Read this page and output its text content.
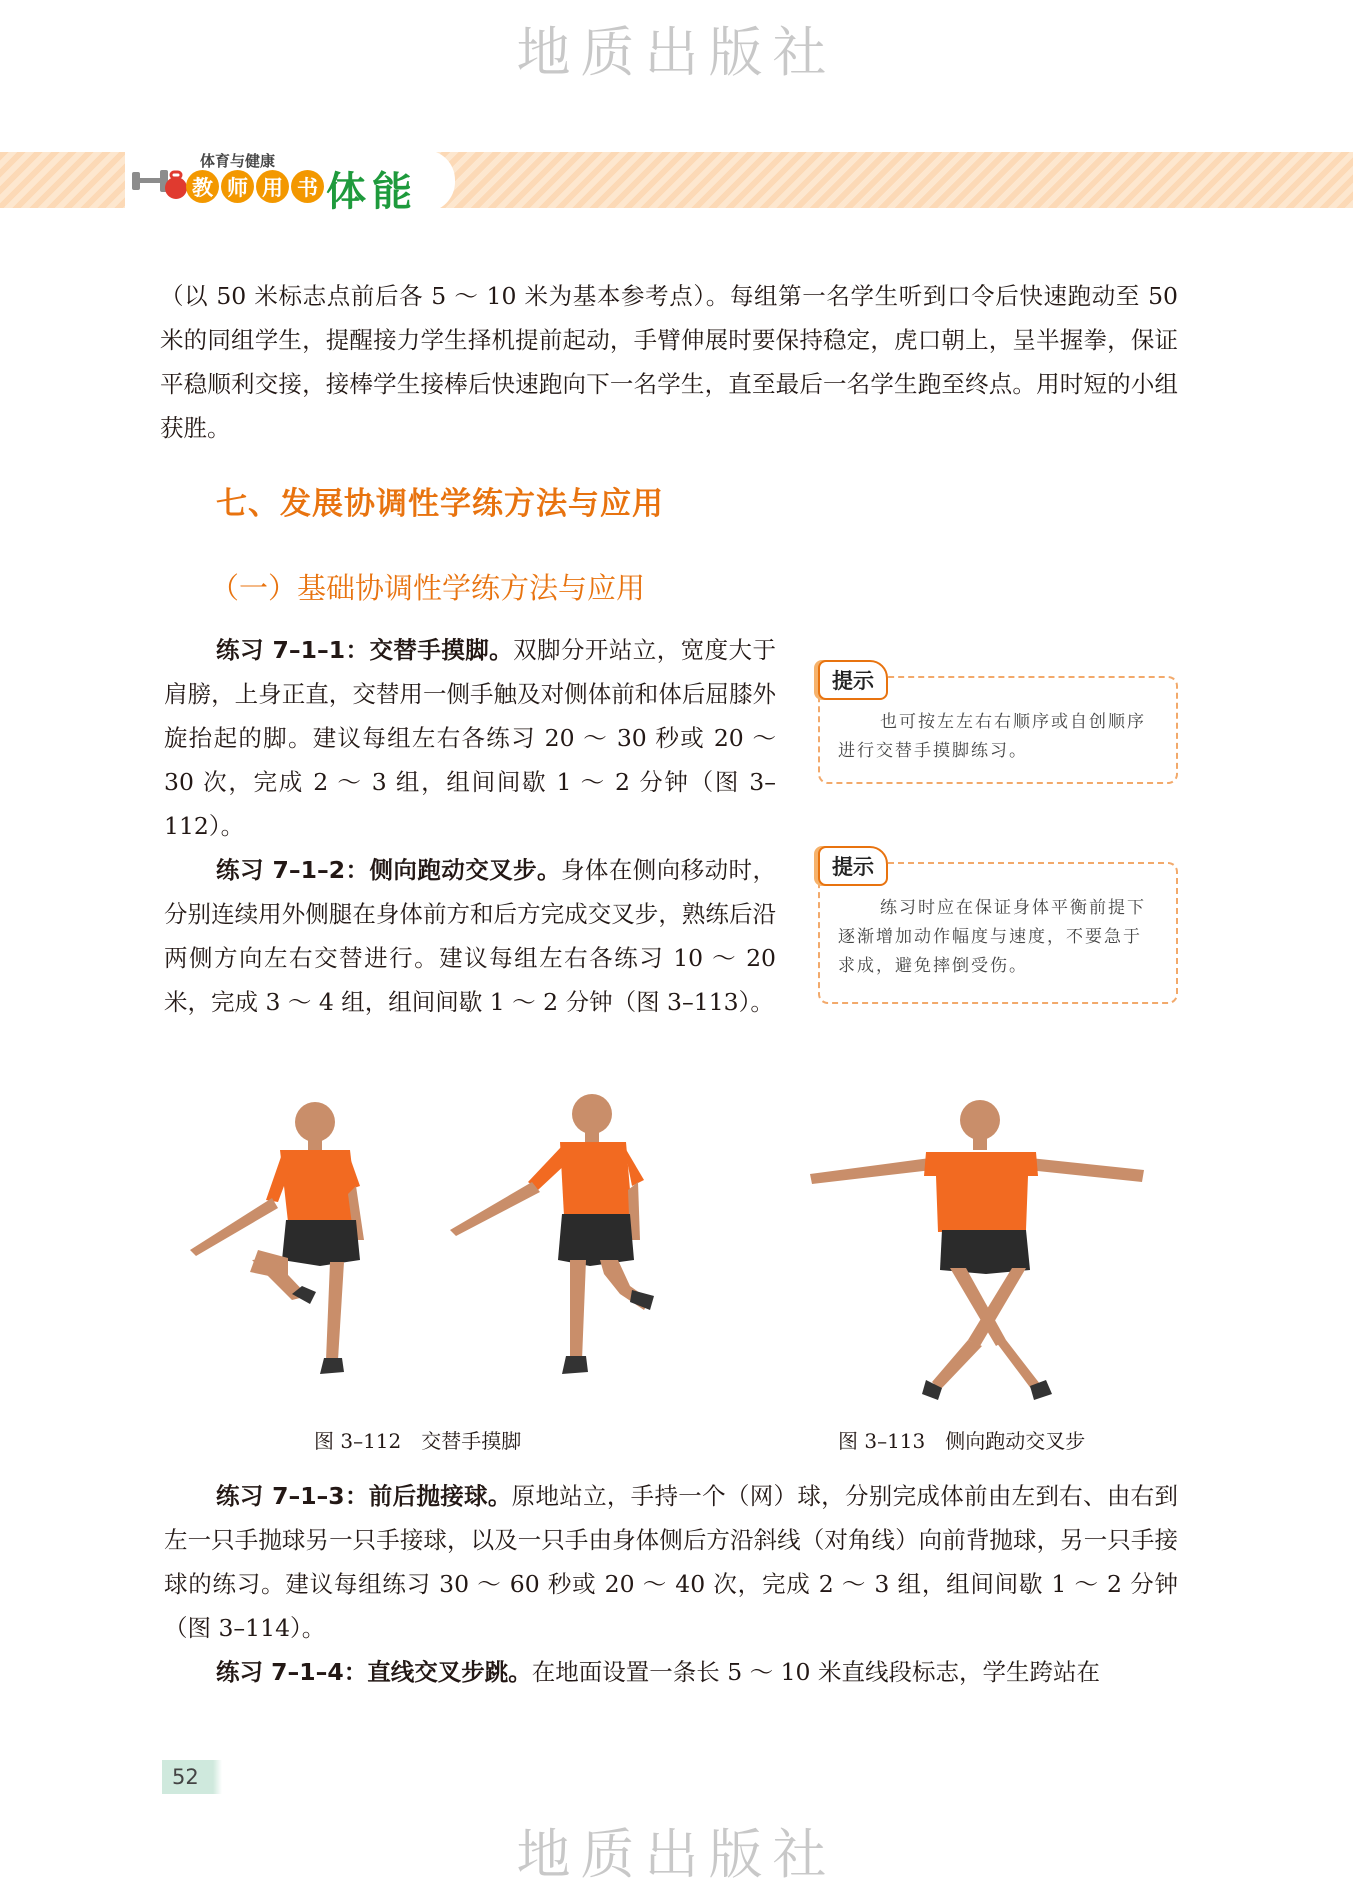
地质出版社
体育与健康
教 师 用 书 体能

（以 50 米标志点前后各 5 ～ 10 米为基本参考点）。每组第一名学生听到口令后快速跑动至 50 米的同组学生，提醒接力学生择机提前起动，手臂伸展时要保持稳定，虎口朝上，呈半握拳，保证平稳顺利交接，接棒学生接棒后快速跑向下一名学生，直至最后一名学生跑至终点。用时短的小组获胜。

七、发展协调性学练方法与应用
（一）基础协调性学练方法与应用

练习 7–1–1：交替手摸脚。双脚分开站立，宽度大于肩膀，上身正直，交替用一侧手触及对侧体前和体后屈膝外旋抬起的脚。建议每组左右各练习 20 ～ 30 秒或 20 ～ 30 次，完成 2 ～ 3 组，组间间歇 1 ～ 2 分钟（图 3–112）。

练习 7–1–2：侧向跑动交叉步。身体在侧向移动时，分别连续用外侧腿在身体前方和后方完成交叉步，熟练后沿两侧方向左右交替进行。建议每组左右各练习 10 ～ 20 米，完成 3 ～ 4 组，组间间歇 1 ～ 2 分钟（图 3–113）。

提示

也可按左左右右顺序或自创顺序进行交替手摸脚练习。

提示

练习时应在保证身体平衡前提下逐渐增加动作幅度与速度，不要急于求成，避免摔倒受伤。

图 3–112　交替手摸脚	图 3–113　侧向跑动交叉步

练习 7–1–3：前后抛接球。原地站立，手持一个（网）球，分别完成体前由左到右、由右到左一只手抛球另一只手接球，以及一只手由身体侧后方沿斜线（对角线）向前背抛球，另一只手接球的练习。建议每组练习 30 ～ 60 秒或 20 ～ 40 次，完成 2 ～ 3 组，组间间歇 1 ～ 2 分钟（图 3–114）。

练习 7–1–4：直线交叉步跳。在地面设置一条长 5 ～ 10 米直线段标志，学生跨站在

52
地质出版社
